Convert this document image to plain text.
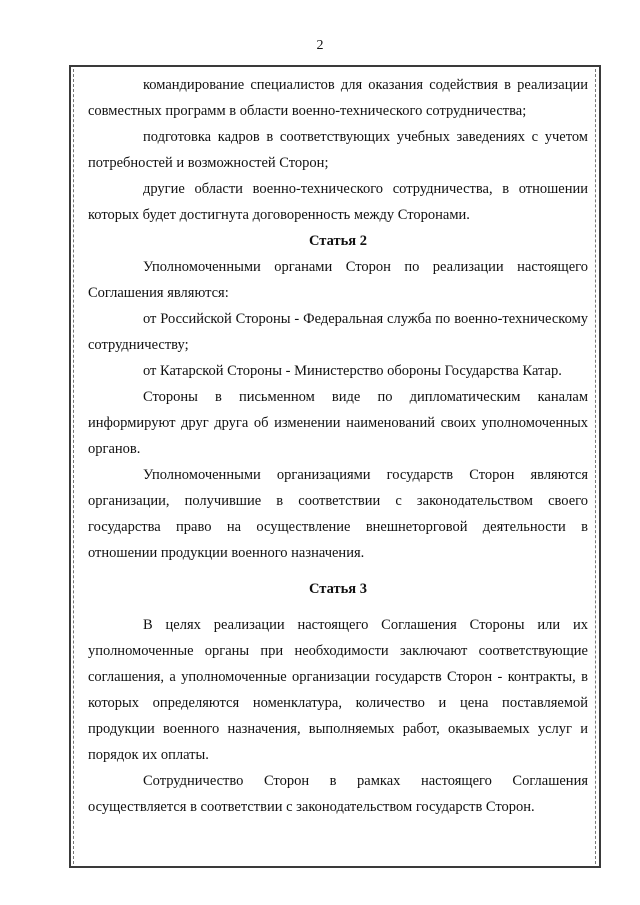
2

командирование специалистов для оказания содействия в реализации совместных программ в области военно-технического сотрудничества;

подготовка кадров в соответствующих учебных заведениях с учетом потребностей и возможностей Сторон;

другие области военно-технического сотрудничества, в отношении которых будет достигнута договоренность между Сторонами.

Статья 2

Уполномоченными органами Сторон по реализации настоящего Соглашения являются:

от Российской Стороны - Федеральная служба по военно-техническому сотрудничеству;

от Катарской Стороны - Министерство обороны Государства Катар.

Стороны в письменном виде по дипломатическим каналам информируют друг друга об изменении наименований своих уполномоченных органов.

Уполномоченными организациями государств Сторон являются организации, получившие в соответствии с законодательством своего государства право на осуществление внешнеторговой деятельности в отношении продукции военного назначения.

Статья 3

В целях реализации настоящего Соглашения Стороны или их уполномоченные органы при необходимости заключают соответствующие соглашения, а уполномоченные организации государств Сторон - контракты, в которых определяются номенклатура, количество и цена поставляемой продукции военного назначения, выполняемых работ, оказываемых услуг и порядок их оплаты.

Сотрудничество Сторон в рамках настоящего Соглашения осуществляется в соответствии с законодательством государств Сторон.
